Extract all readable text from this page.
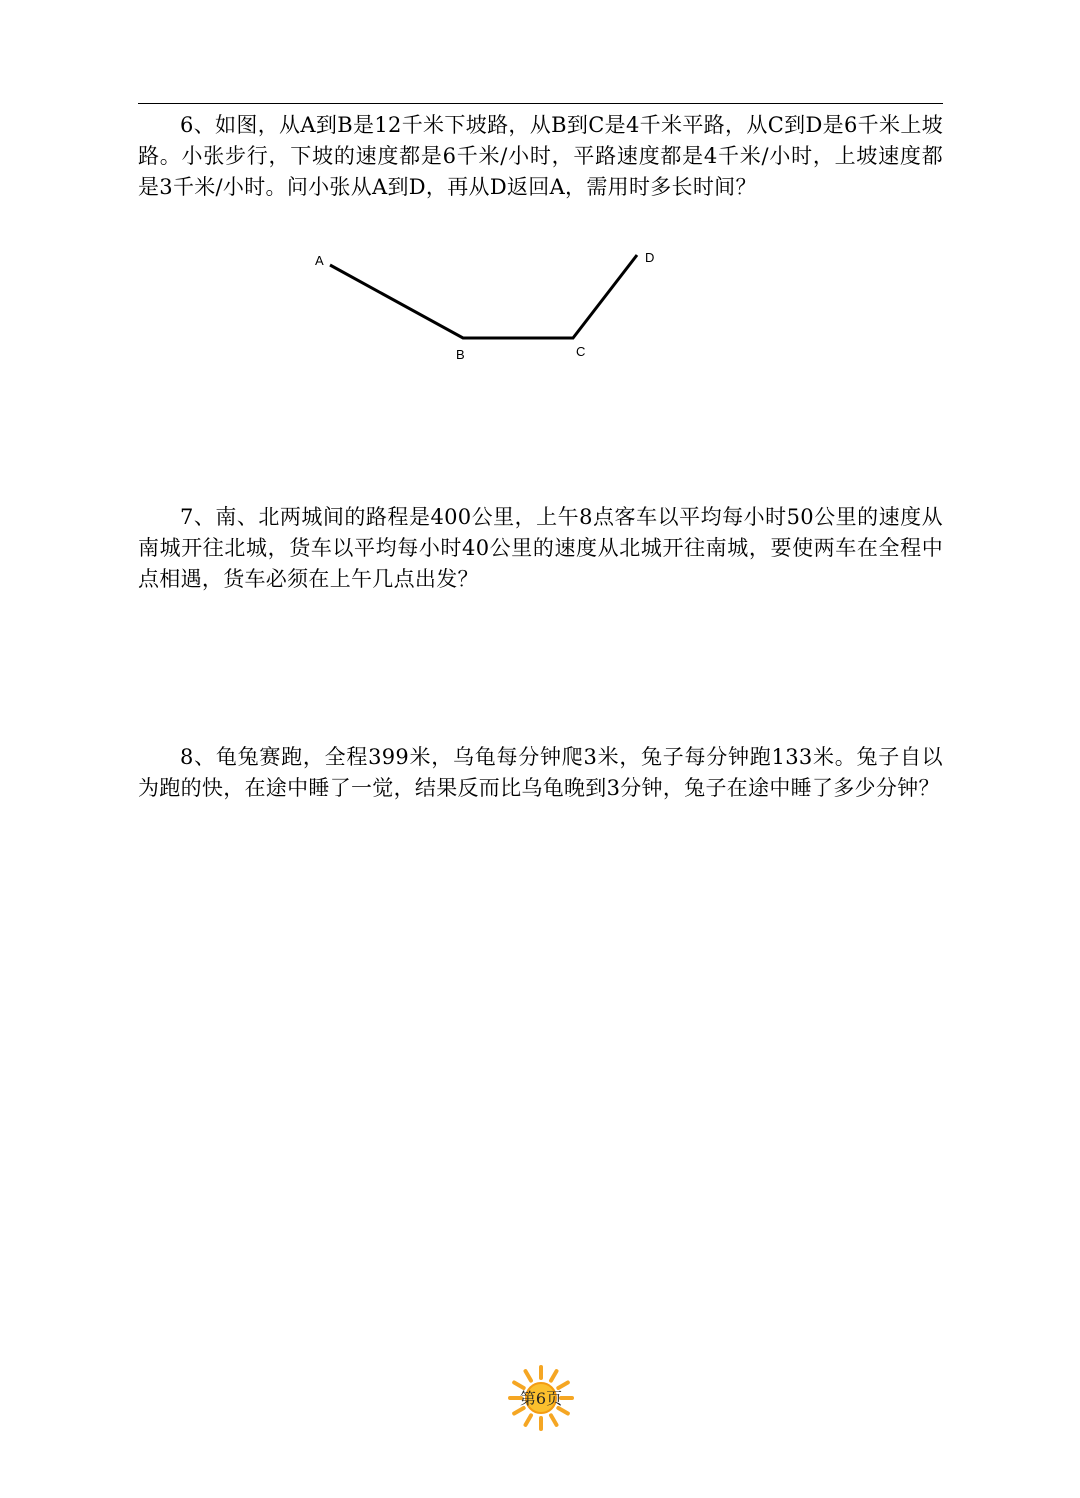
6、如图，从A到B是12千米下坡路，从B到C是4千米平路，从C到D是6千米上坡路。小张步行，下坡的速度都是6千米/小时，平路速度都是4千米/小时，上坡速度都是3千米/小时。问小张从A到D，再从D返回A，需用时多长时间？

A
B	C
D

7、南、北两城间的路程是400公里，上午8点客车以平均每小时50公里的速度从南城开往北城，货车以平均每小时40公里的速度从北城开往南城，要使两车在全程中点相遇，货车必须在上午几点出发？

8、龟兔赛跑，全程399米，乌龟每分钟爬3米，兔子每分钟跑133米。兔子自以为跑的快，在途中睡了一觉，结果反而比乌龟晚到3分钟，兔子在途中睡了多少分钟？

第6页
